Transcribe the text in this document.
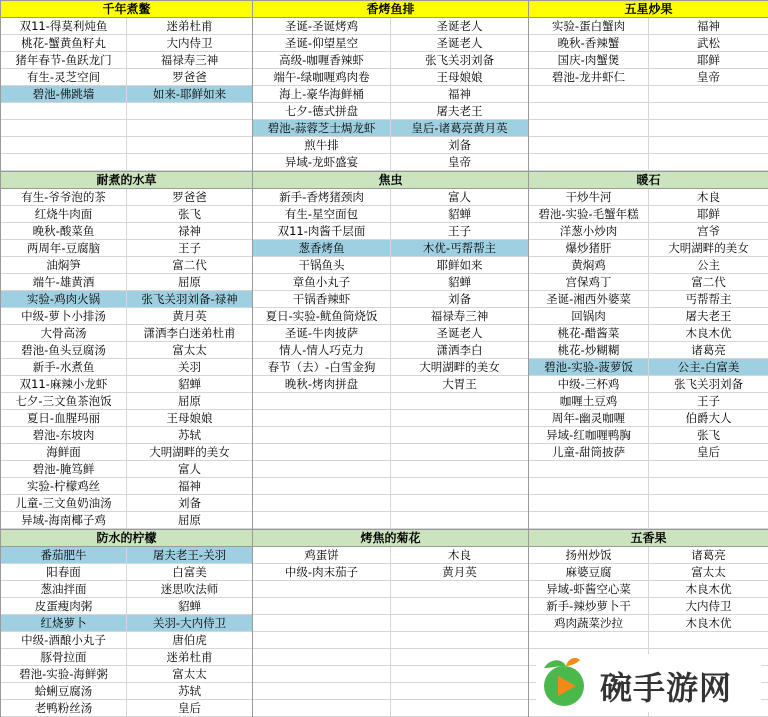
千年煮鳖
双11-得莫利炖鱼	迷弟杜甫
桃花-蟹黄鱼籽丸	大内侍卫
猪年春节-鱼跃龙门	福禄寿三神
有生-灵芝空间	罗爸爸
碧池-佛跳墙	如来-耶鲜如来
香烤鱼排
圣诞-圣诞烤鸡	圣诞老人
圣诞-仰望星空	圣诞老人
高级-咖喱香辣虾	张飞关羽刘备
端午-绿咖喱鸡肉卷	王母娘娘
海上-豪华海鲜桶	福神
七夕-德式拼盘	屠夫老王
碧池-蒜蓉芝士焗龙虾	皇后-诸葛亮黄月英
煎牛排	刘备
异域-龙虾盛宴	皇帝
五星炒果
实验-蛋白蟹肉	福神
晚秋-香辣蟹	武松
国庆-肉蟹煲	耶鲜
碧池-龙井虾仁	皇帝
耐煮的水草
有生-爷爷泡的茶	罗爸爸
红烧牛肉面	张飞
晚秋-酸菜鱼	禄神
两周年-豆腐脑	王子
油焖笋	富二代
端午-雄黄酒	屈原
实验-鸡肉火锅	张飞关羽刘备-禄神
中级-萝卜小排汤	黄月英
大骨高汤	潇洒李白迷弟杜甫
碧池-鱼头豆腐汤	富太太
新手-水煮鱼	关羽
双11-麻辣小龙虾	貂蝉
七夕-三文鱼茶泡饭	屈原
夏日-血腥玛丽	王母娘娘
碧池-东坡肉	苏轼
海鲜面	大明湖畔的美女
碧池-腌笃鲜	富人
实验-柠檬鸡丝	福神
儿童-三文鱼奶油汤	刘备
异域-海南椰子鸡	屈原
焦虫
新手-香烤猪颈肉	富人
有生-星空面包	貂蝉
双11-肉酱千层面	王子
葱香烤鱼	木优-丐帮帮主
干锅鱼头	耶鲜如来
章鱼小丸子	貂蝉
干锅香辣虾	刘备
夏日-实验-鱿鱼筒烧饭	福禄寿三神
圣诞-牛肉披萨	圣诞老人
情人-情人巧克力	潇洒李白
春节（去）-白雪金狗	大明湖畔的美女
晚秋-烤肉拼盘	大胃王
暖石
干炒牛河	木良
碧池-实验-毛蟹年糕	耶鲜
洋葱小炒肉	宫爷
爆炒猪肝	大明湖畔的美女
黄焖鸡	公主
宫保鸡丁	富二代
圣诞-湘西外婆菜	丐帮帮主
回锅肉	屠夫老王
桃花-醋酱菜	木良木优
桃花-炒糊糊	诸葛亮
碧池-实验-菠萝饭	公主-白富美
中级-三杯鸡	张飞关羽刘备
咖喱土豆鸡	王子
周年-幽灵咖喱	伯爵大人
异域-红咖喱鸭胸	张飞
儿童-甜筒披萨	皇后
防水的柠檬
番茄肥牛	屠夫老王-关羽
阳春面	白富美
葱油拌面	迷思吹法师
皮蛋瘦肉粥	貂蝉
红烧萝卜	关羽-大内侍卫
中级-酒酿小丸子	唐伯虎
豚骨拉面	迷弟杜甫
碧池-实验-海鲜粥	富太太
蛤蜊豆腐汤	苏轼
老鸭粉丝汤	皇后
烤焦的菊花
鸡蛋饼	木良
中级-肉末茄子	黄月英
五香果
扬州炒饭	诸葛亮
麻婆豆腐	富太太
异域-虾酱空心菜	木良木优
新手-辣炒萝卜干	大内侍卫
鸡肉蔬菜沙拉	木良木优
碗手游网
